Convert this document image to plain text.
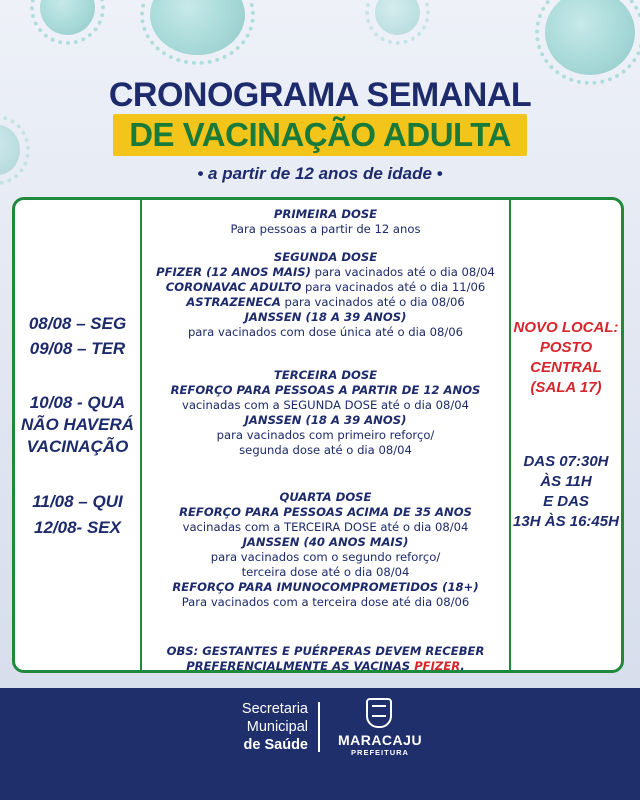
CRONOGRAMA SEMANAL
DE VACINAÇÃO ADULTA
• a partir de 12 anos de idade •
08/08 – SEG
09/08 – TER
10/08 - QUA
NÃO HAVERÁ
VACINAÇÃO
11/08 – QUI
12/08- SEX
PRIMEIRA DOSE
Para pessoas a partir de 12 anos
SEGUNDA DOSE
PFIZER (12 ANOS MAIS) para vacinados até o dia 08/04
CORONAVAC ADULTO para vacinados até o dia 11/06
ASTRAZENECA para vacinados até o dia 08/06
JANSSEN (18 A 39 ANOS)
para vacinados com dose única até o dia 08/06
TERCEIRA DOSE
REFORÇO PARA PESSOAS A PARTIR DE 12 ANOS
vacinadas com a SEGUNDA DOSE até o dia 08/04
JANSSEN (18 A 39 ANOS)
para vacinados com primeiro reforço/
segunda dose até o dia 08/04
QUARTA DOSE
REFORÇO PARA PESSOAS ACIMA DE 35 ANOS
vacinadas com a TERCEIRA DOSE até o dia 08/04
JANSSEN (40 ANOS MAIS)
para vacinados com o segundo reforço/
terceira dose até o dia 08/04
REFORÇO PARA IMUNOCOMPROMETIDOS (18+)
Para vacinados com a terceira dose até dia 08/06
OBS: GESTANTES E PUÉRPERAS DEVEM RECEBER
PREFERENCIALMENTE AS VACINAS PFIZER.
NOVO LOCAL:
POSTO
CENTRAL
(SALA 17)
DAS 07:30H
ÀS 11H
E DAS
13H ÀS 16:45H
Secretaria
Municipal
de Saúde	MARACAJU
PREFEITURA
